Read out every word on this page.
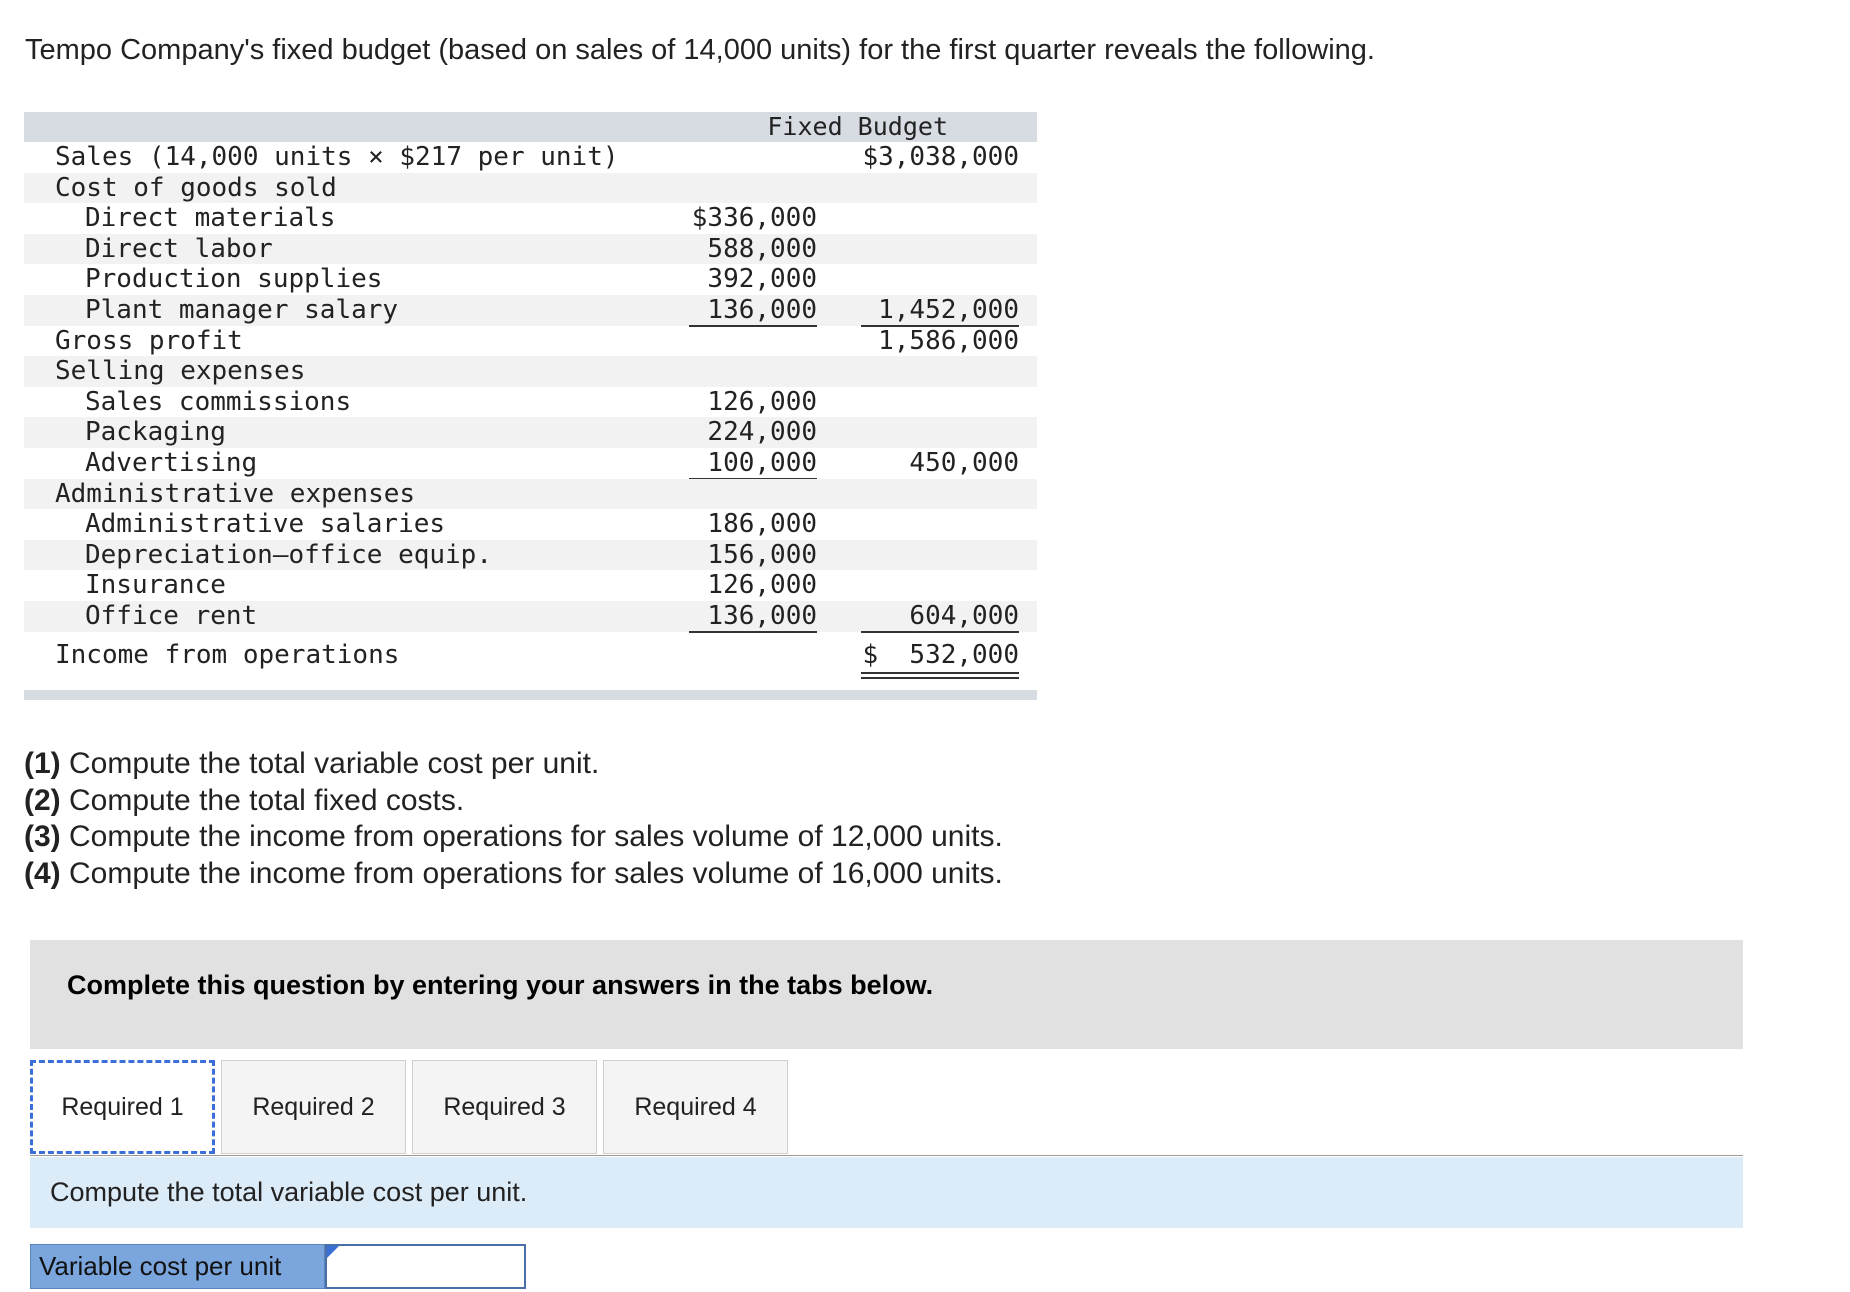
Tempo Company's fixed budget (based on sales of 14,000 units) for the first quarter reveals the following.
Fixed Budget
Sales (14,000 units × $217 per unit)	$3,038,000
Cost of goods sold
Direct materials	$336,000
Direct labor	588,000
Production supplies	392,000
Plant manager salary	136,000 1,452,000
Gross profit	1,586,000
Selling expenses
Sales commissions	126,000
Packaging	224,000
Advertising	100,000	450,000
Administrative expenses
Administrative salaries	186,000
Depreciation—office equip.	156,000
Insurance	126,000
Office rent	136,000	604,000
Income from operations	$  532,000
(1) Compute the total variable cost per unit.
(2) Compute the total fixed costs.
(3) Compute the income from operations for sales volume of 12,000 units.
(4) Compute the income from operations for sales volume of 16,000 units.
Complete this question by entering your answers in the tabs below.
Required 1	Required 2	Required 3	Required 4
Compute the total variable cost per unit.
Variable cost per unit
